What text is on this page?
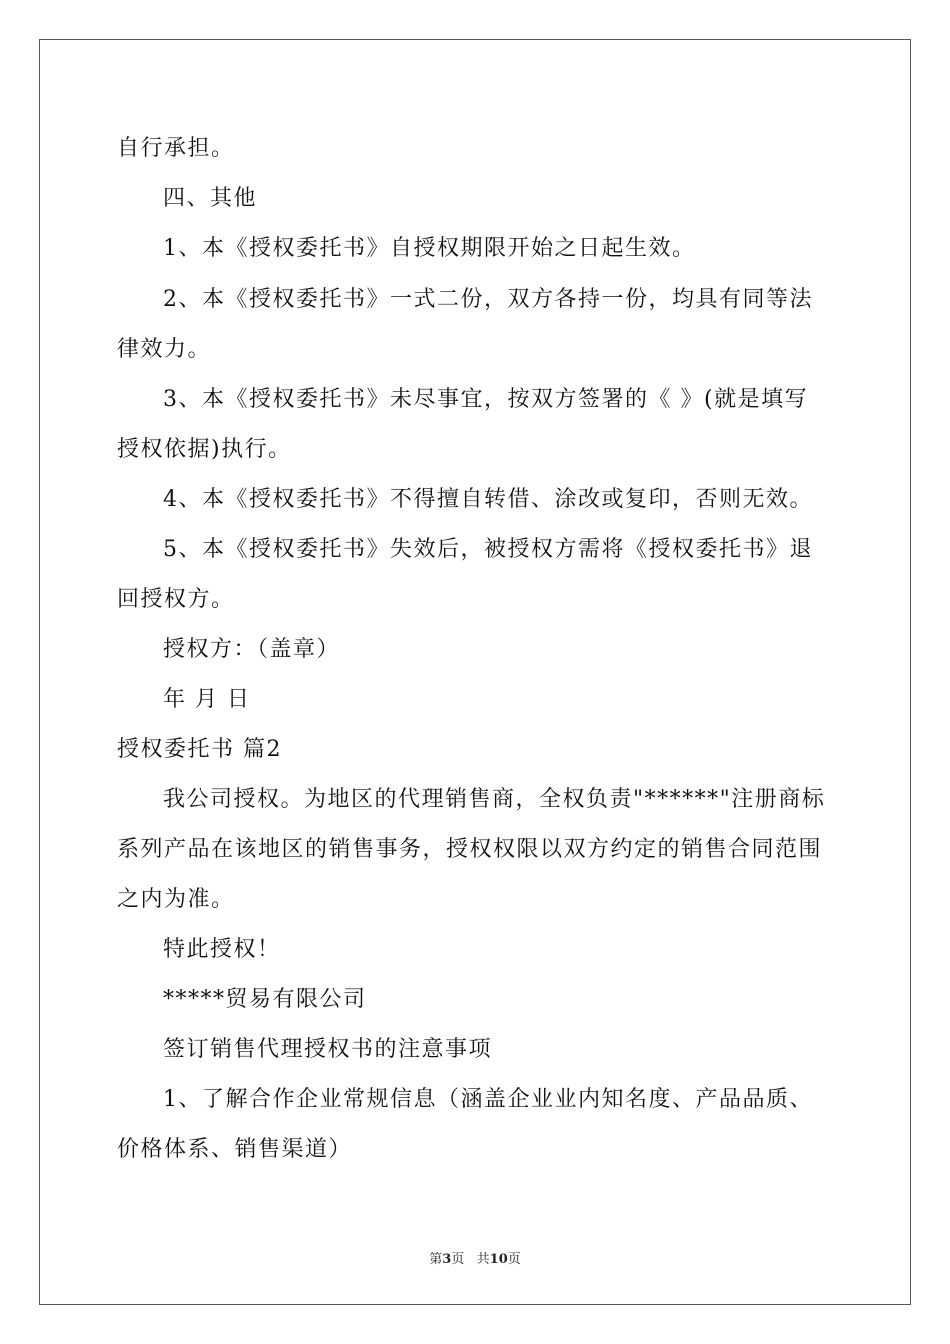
自行承担。
四、其他
1、本《授权委托书》自授权期限开始之日起生效。
2、本《授权委托书》一式二份，双方各持一份，均具有同等法
律效力。
3、本《授权委托书》未尽事宜，按双方签署的《 》(就是填写
授权依据)执行。
4、本《授权委托书》不得擅自转借、涂改或复印，否则无效。
5、本《授权委托书》失效后，被授权方需将《授权委托书》退
回授权方。
授权方：（盖章）
年 月 日
授权委托书 篇2
我公司授权。为地区的代理销售商，全权负责"******"注册商标
系列产品在该地区的销售事务，授权权限以双方约定的销售合同范围
之内为准。
特此授权！
*****贸易有限公司
签订销售代理授权书的注意事项
1、了解合作企业常规信息（涵盖企业业内知名度、产品品质、
价格体系、销售渠道）
第3页   共10页
